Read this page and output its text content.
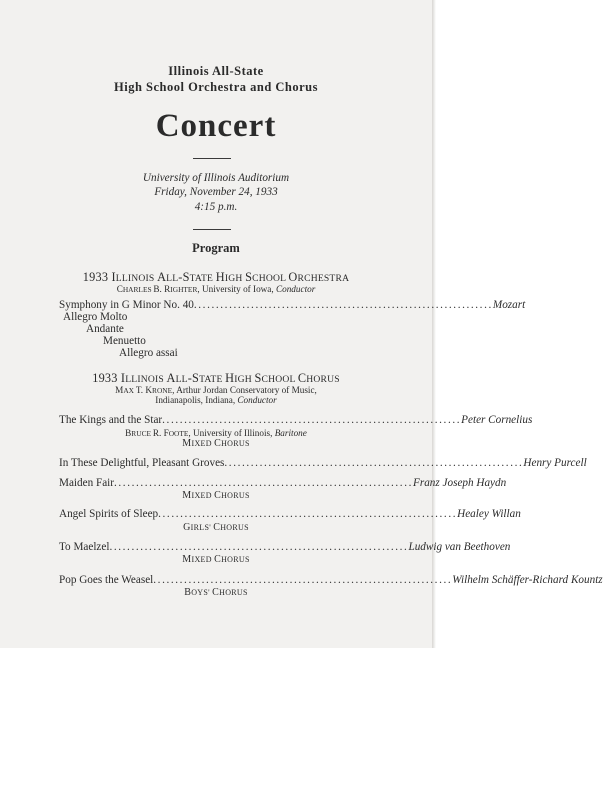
Illinois All-State
High School Orchestra and Chorus
Concert
University of Illinois Auditorium
Friday, November 24, 1933
4:15 p.m.
Program
1933 ILLINOIS ALL-STATE HIGH SCHOOL ORCHESTRA
CHARLES B. RIGHTER, University of Iowa, Conductor
Symphony in G Minor No. 40 .................................................................... Mozart
Allegro Molto
Andante
Menuetto
Allegro assai
1933 ILLINOIS ALL-STATE HIGH SCHOOL CHORUS
MAX T. KRONE, Arthur Jordan Conservatory of Music,
Indianapolis, Indiana, Conductor
The Kings and the Star .................................................................... Peter Cornelius
BRUCE R. FOOTE, University of Illinois, Baritone
MIXED CHORUS
In These Delightful, Pleasant Groves .................................................................... Henry Purcell
Maiden Fair .................................................................... Franz Joseph Haydn
MIXED CHORUS
Angel Spirits of Sleep .................................................................... Healey Willan
GIRLS' CHORUS
To Maelzel .................................................................... Ludwig van Beethoven
MIXED CHORUS
Pop Goes the Weasel .................................................................... Wilhelm Schäffer-Richard Kountz
BOYS' CHORUS
